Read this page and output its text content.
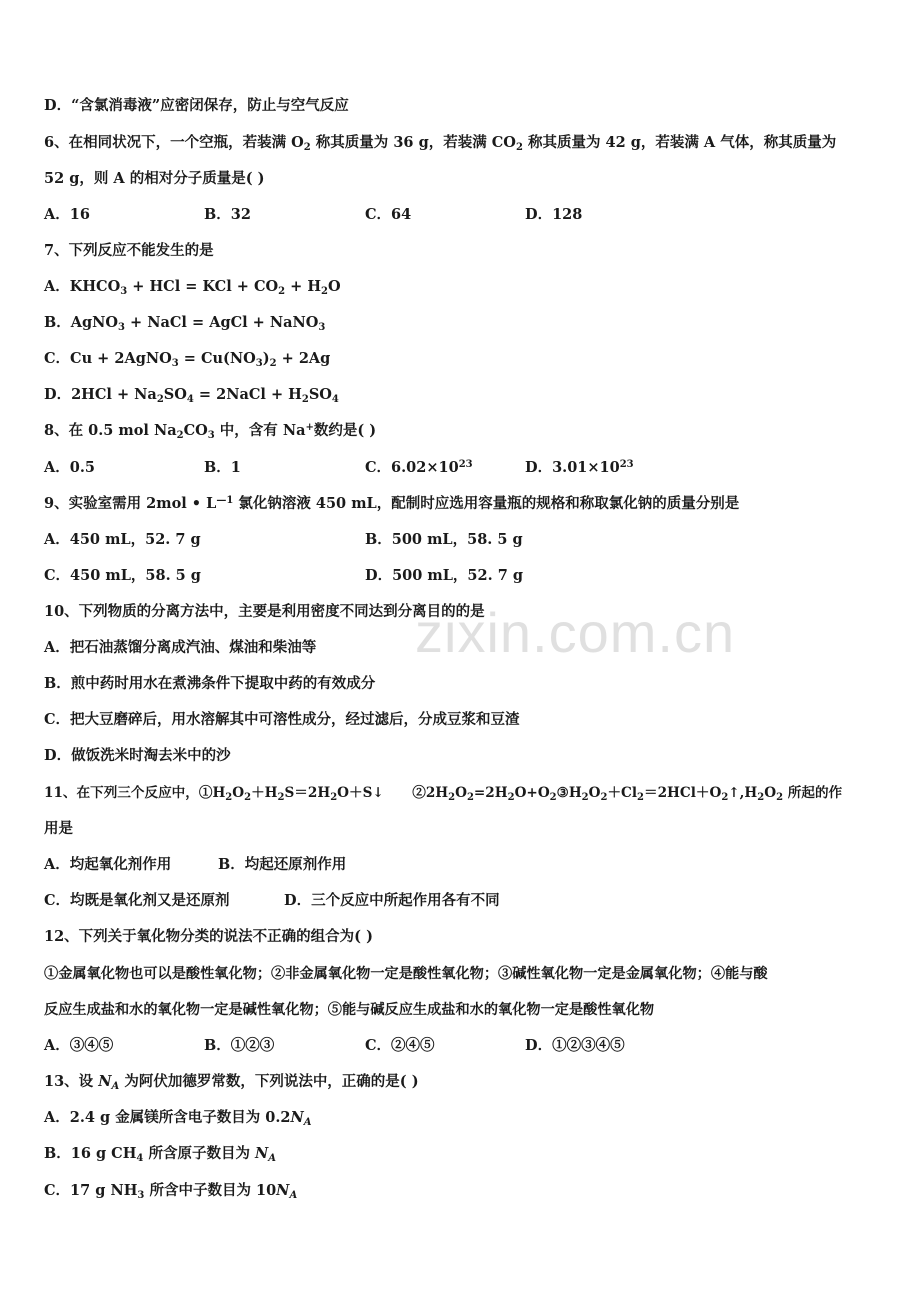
zixin.com.cn
D．“含氯消毒液”应密闭保存，防止与空气反应
6、在相同状况下，一个空瓶，若装满 $O_2$ 称其质量为 36 g，若装满 $CO_2$ 称其质量为 42 g，若装满 A 气体，称其质量为
52 g，则 A 的相对分子质量是( )
A．16	B．32	C．64	D．128
7、下列反应不能发生的是
A．$KHCO_3$ + HCl = KCl + $CO_2 + H_2O$
B．AgNO$_3$ + NaCl = AgCl + NaNO$_3$
C．Cu + 2AgNO$_3$ = $Cu(NO_3)_2 + 2Ag$
D．$2HCl + Na_2SO_4$ = 2NaCl + $H_2SO_4$
8、在 0.5 mol $Na_2CO_3$ 中，含有 Na+数约是( )
A．0.5	B．1	C．$6.02\times 10^{23}$	D．$3.01\times 10^{23}$
9、实验室需用 2mol • $L^{—1}$ 氯化钠溶液 450 mL，配制时应选用容量瓶的规格和称取氯化钠的质量分别是
A．450 mL，52. 7 g	B．500 mL，58. 5 g
C．450 mL，58. 5 g	D．500 mL，52. 7 g
10、下列物质的分离方法中，主要是利用密度不同达到分离目的的是
A．把石油蒸馏分离成汽油、煤油和柴油等
B．煎中药时用水在煮沸条件下提取中药的有效成分
C．把大豆磨碎后，用水溶解其中可溶性成分，经过滤后，分成豆浆和豆渣
D．做饭洗米时淘去米中的沙
11、在下列三个反应中，$①H_2O_2+H_2S=2H_2O+S↓$ $②2H_2O_2=2H_2O+O_2③H_2O_2+Cl_2=2HCl+O_2↑,H_2O_2$ 所起的作
用是
A．均起氧化剂作用	B．均起还原剂作用
C．均既是氧化剂又是还原剂	D．三个反应中所起作用各有不同
12、下列关于氧化物分类的说法不正确的组合为( )
①金属氧化物也可以是酸性氧化物；②非金属氧化物一定是酸性氧化物；③碱性氧化物一定是金属氧化物；④能与酸
反应生成盐和水的氧化物一定是碱性氧化物；⑤能与碱反应生成盐和水的氧化物一定是酸性氧化物
A．③④⑤	B．①②③	C．②④⑤	D．①②③④⑤
13、设 $N_A$ 为阿伏加德罗常数，下列说法中，正确的是( )
A．2.4 g 金属镁所含电子数目为 $0.2N_A$
B．16 g $CH_4$ 所含原子数目为 $N_A$
C．17 g $NH_3$ 所含中子数目为 $10N_A$
